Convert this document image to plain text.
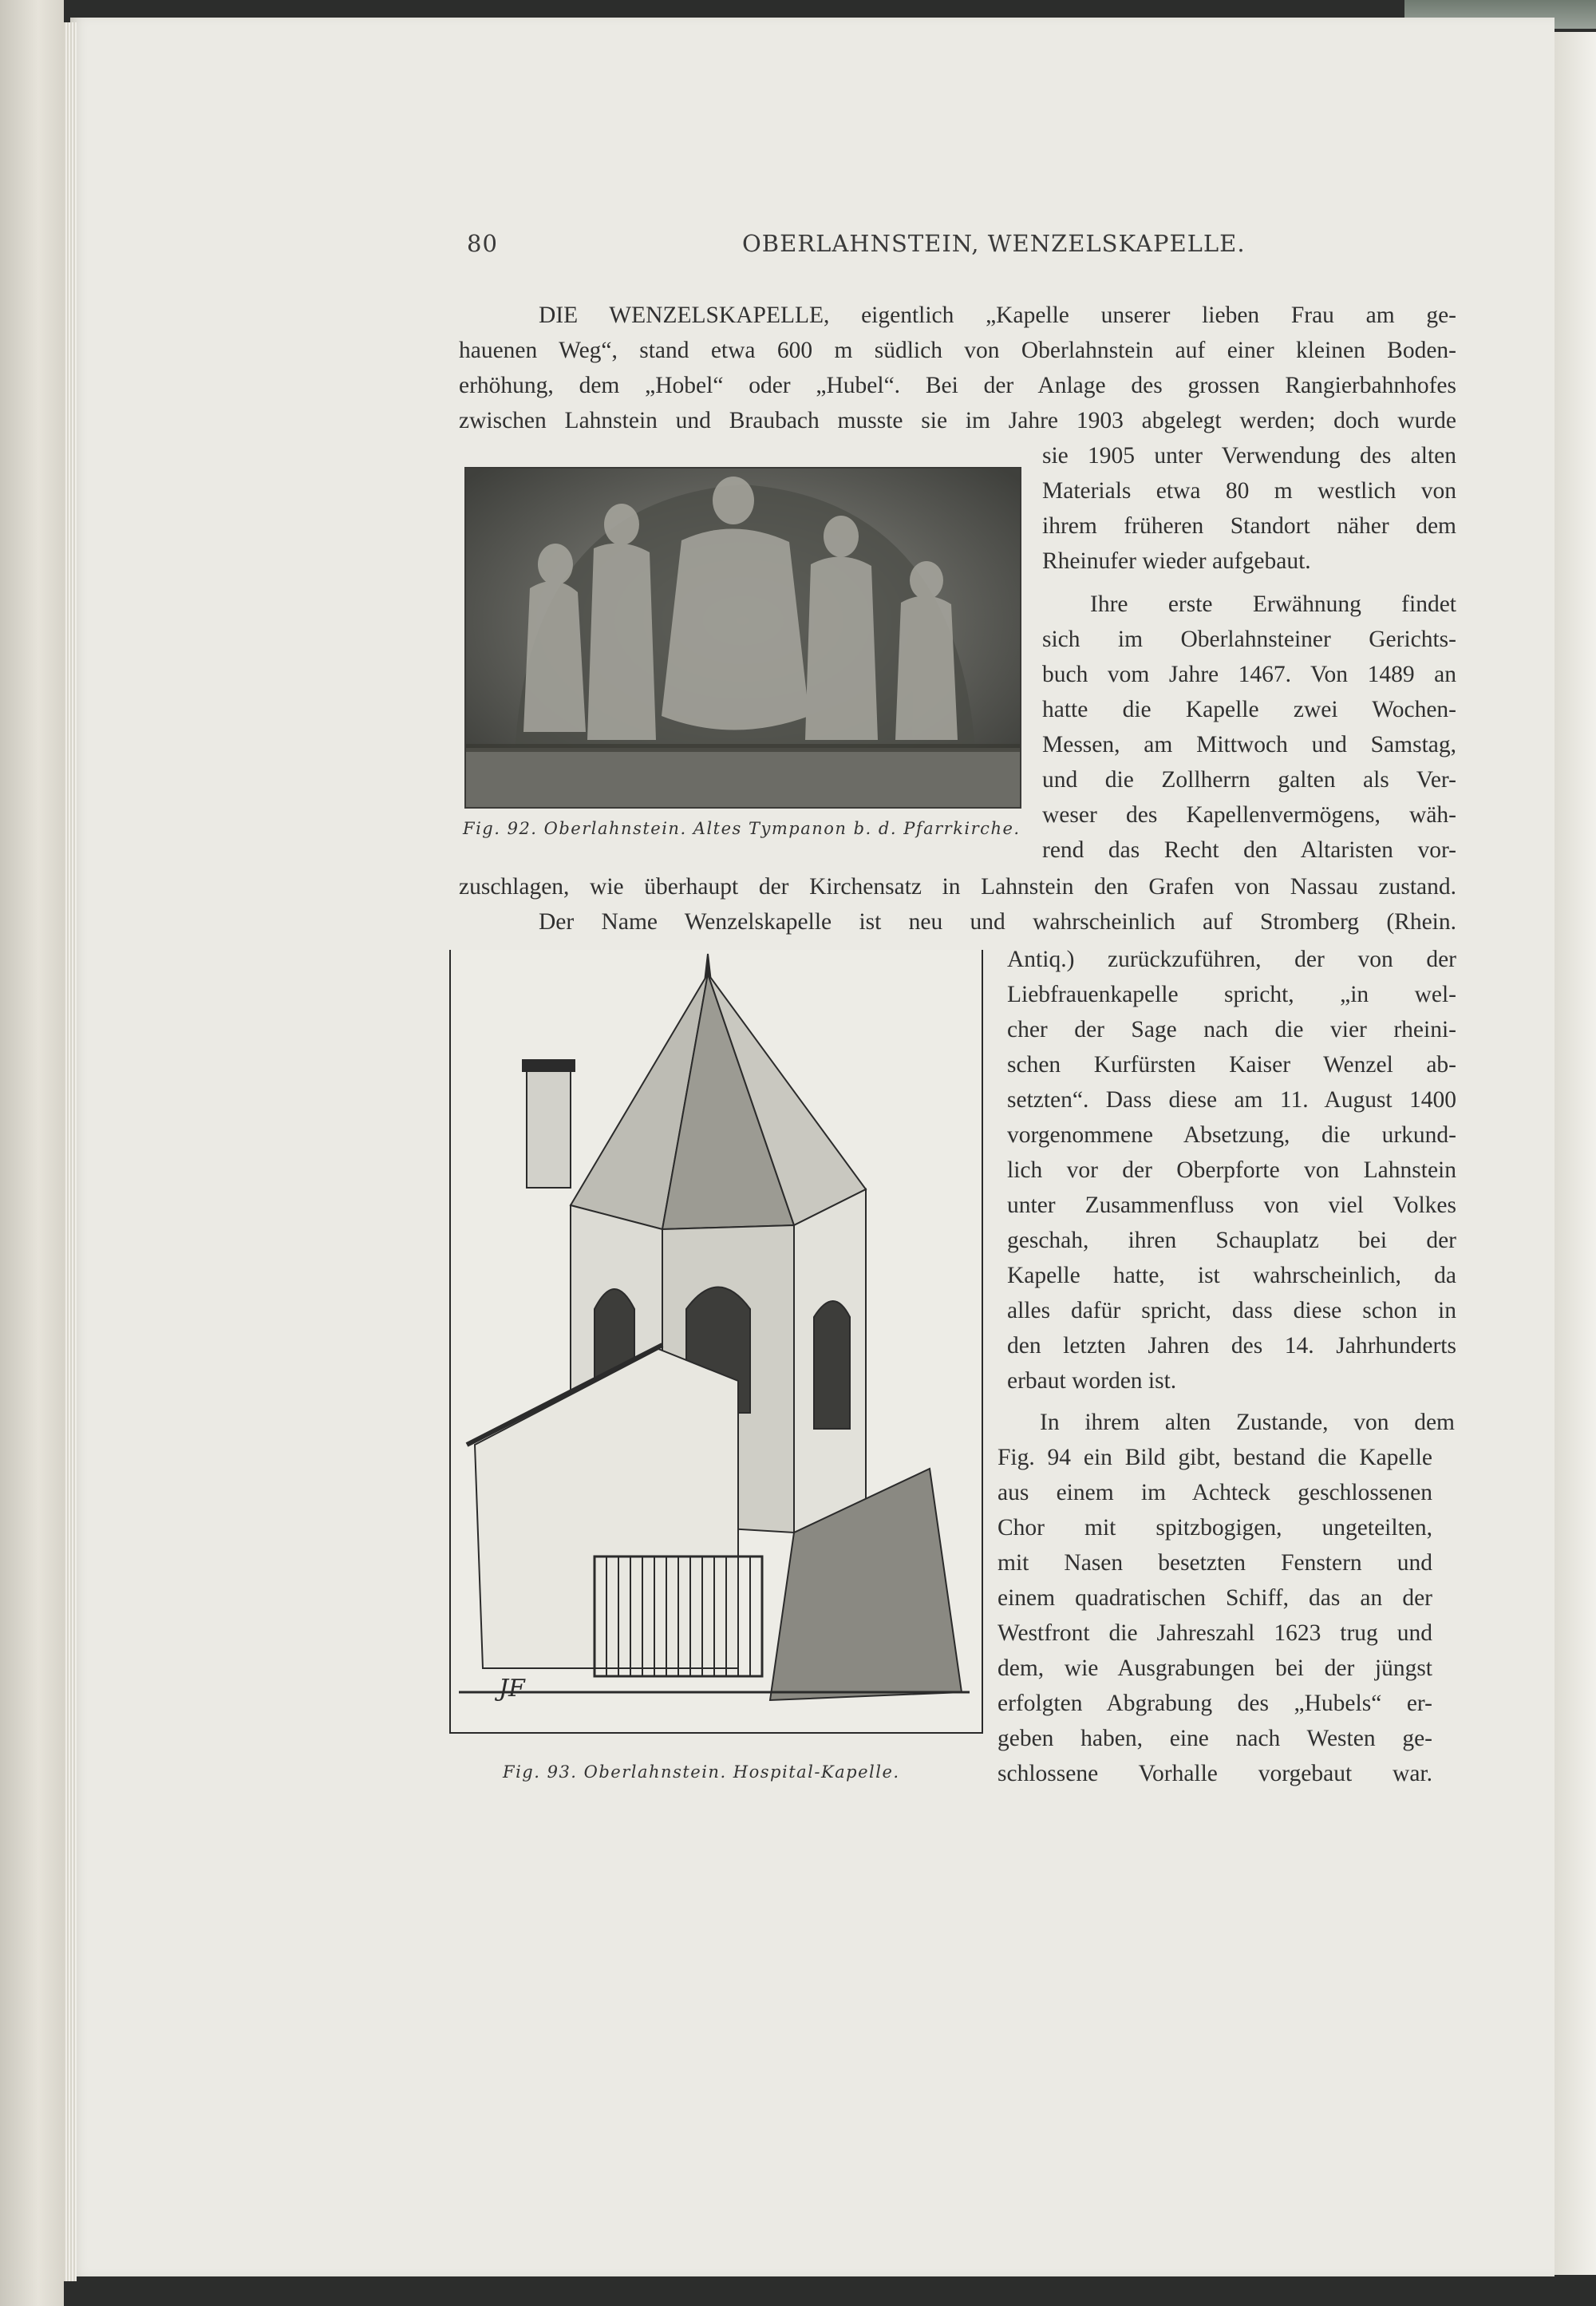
80	OBERLAHNSTEIN, WENZELSKAPELLE.
DIE WENZELSKAPELLE, eigentlich „Kapelle unserer lieben Frau am ge-
hauenen Weg“, stand etwa 600 m südlich von Oberlahnstein auf einer kleinen Boden-
erhöhung, dem „Hobel“ oder „Hubel“. Bei der Anlage des grossen Rangierbahnhofes
zwischen Lahnstein und Braubach musste sie im Jahre 1903 abgelegt werden; doch wurde
sie 1905 unter Verwendung des alten
Materials etwa 80 m westlich von
ihrem früheren Standort näher dem
Rheinufer wieder aufgebaut.
Ihre erste Erwähnung findet
sich im Oberlahnsteiner Gerichts-
buch vom Jahre 1467. Von 1489 an
hatte die Kapelle zwei Wochen-
Messen, am Mittwoch und Samstag,
und die Zollherrn galten als Ver-
weser des Kapellenvermögens, wäh-
rend das Recht den Altaristen vor-
zuschlagen, wie überhaupt der Kirchensatz in Lahnstein den Grafen von Nassau zustand.
Der Name Wenzelskapelle ist neu und wahrscheinlich auf Stromberg (Rhein.
Antiq.) zurückzuführen, der von der
Liebfrauenkapelle spricht, „in wel-
cher der Sage nach die vier rheini-
schen Kurfürsten Kaiser Wenzel ab-
setzten“. Dass diese am 11. August 1400
vorgenommene Absetzung, die urkund-
lich vor der Oberpforte von Lahnstein
unter Zusammenfluss von viel Volkes
geschah, ihren Schauplatz bei der
Kapelle hatte, ist wahrscheinlich, da
alles dafür spricht, dass diese schon in
den letzten Jahren des 14. Jahrhunderts
erbaut worden ist.
In ihrem alten Zustande, von dem
Fig. 94 ein Bild gibt, bestand die Kapelle
aus einem im Achteck geschlossenen
Chor mit spitzbogigen, ungeteilten,
mit Nasen besetzten Fenstern und
einem quadratischen Schiff, das an der
Westfront die Jahreszahl 1623 trug und
dem, wie Ausgrabungen bei der jüngst
erfolgten Abgrabung des „Hubels“ er-
geben haben, eine nach Westen ge-
schlossene Vorhalle vorgebaut war.
Fig. 92. Oberlahnstein. Altes Tympanon b. d. Pfarrkirche.
JF
Fig. 93. Oberlahnstein. Hospital-Kapelle.
